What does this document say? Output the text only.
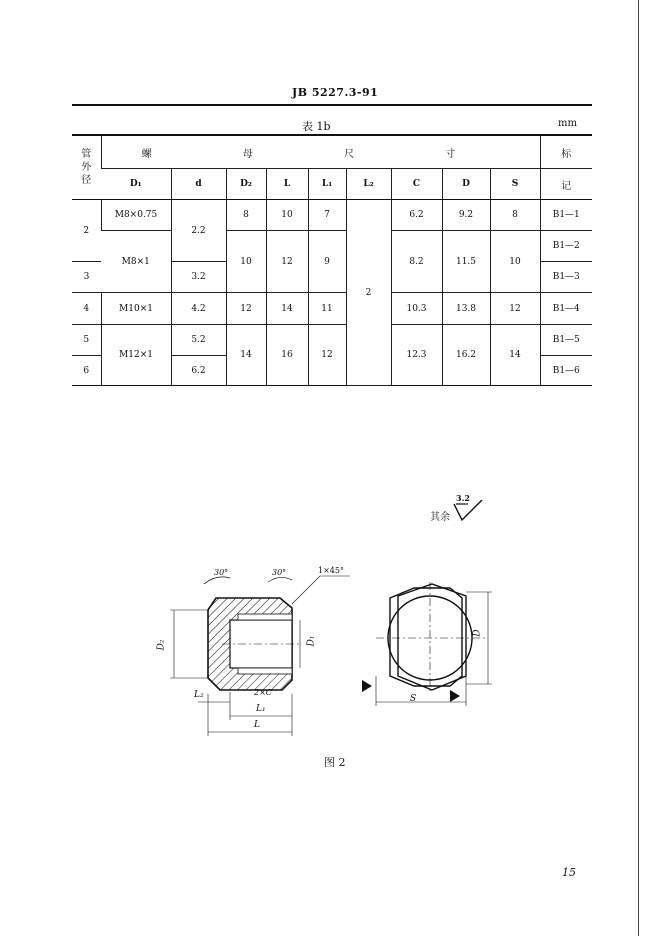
JB 5227.3-91
表 1b	mm
管外径	螺 母 尺 寸									标
	D₁	d	D₂	L	L₁	L₂	C	D	S	记
2	M8×0.75	2.2	8	10	7	2	6.2	9.2	8	B1—1
	M8×1		10	12	9		8.2	11.5	10	B1—2
3		3.2								B1—3
4	M10×1	4.2	12	14	11		10.3	13.8	12	B1—4
5	M12×1	5.2	14	16	12		12.3	16.2	14	B1—5
6		6.2								B1—6
其余
3.2
30°	30°	1×45°
D₂	D₁
2×C
L₂
L₁
L
D
S
图 2
15
